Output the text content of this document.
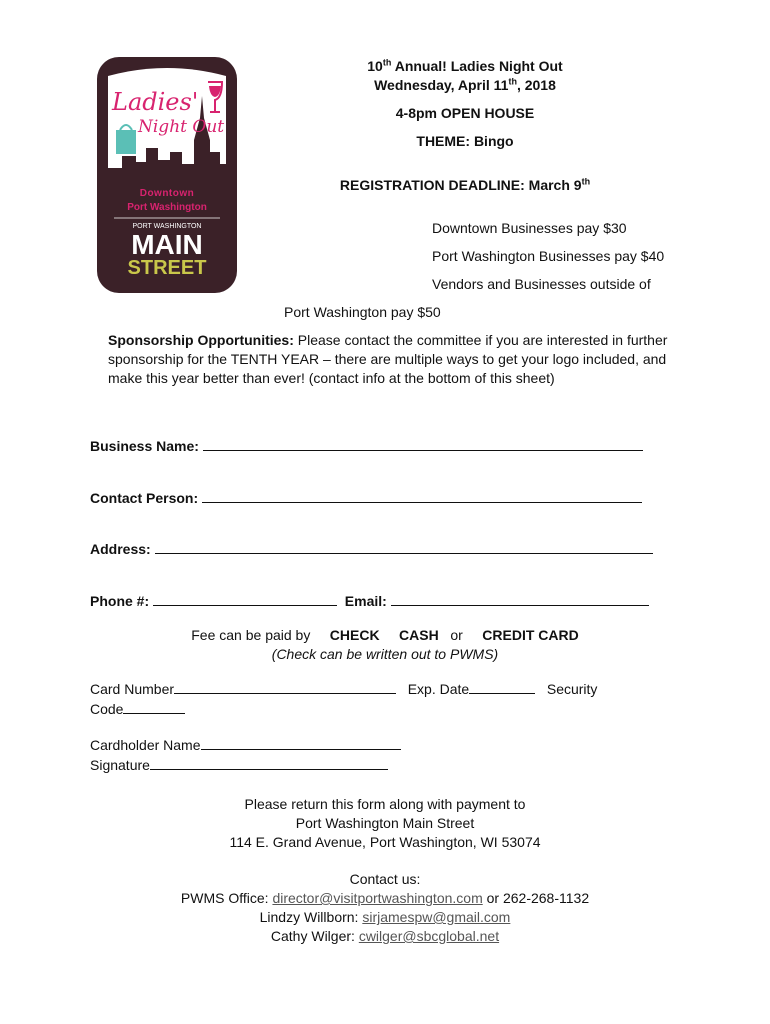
Ladies'
Night Out
Downtown
Port Washington
PORT WASHINGTON
MAIN
STREET
10th Annual! Ladies Night Out
Wednesday, April 11th, 2018
4-8pm OPEN HOUSE
THEME: Bingo
REGISTRATION DEADLINE: March 9th
Downtown Businesses pay $30
Port Washington Businesses pay $40
Vendors and Businesses outside of
Port Washington pay $50
Sponsorship Opportunities: Please contact the committee if you are interested in further sponsorship for the TENTH YEAR – there are multiple ways to get your logo included, and make this year better than ever! (contact info at the bottom of this sheet)
Business Name:
Contact Person:
Address:
Phone #:	Email:
Fee can be paid by CHECK CASH or CREDIT CARD
(Check can be written out to PWMS)
Card Number	Exp. Date	Security
Code
Cardholder Name
Signature
Please return this form along with payment to
Port Washington Main Street
114 E. Grand Avenue, Port Washington, WI 53074
Contact us:
PWMS Office: director@visitportwashington.com or 262-268-1132
Lindzy Willborn: sirjamespw@gmail.com
Cathy Wilger: cwilger@sbcglobal.net
